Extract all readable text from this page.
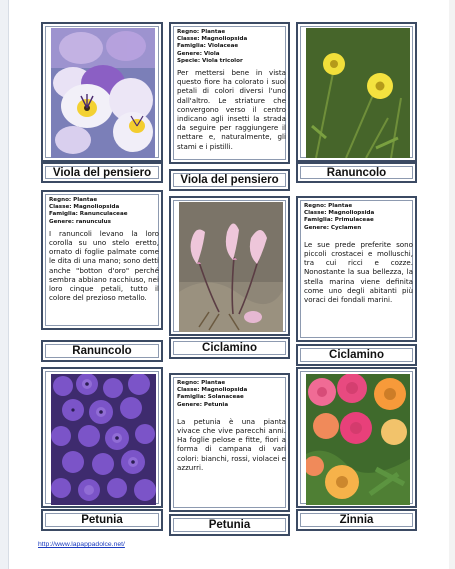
Regno: Plantae
Classe: Magnoliopsida
Famiglia: Violaceae
Genere: Viola
Specie: Viola tricolor
Per mettersi bene in vista questo fiore ha colorato i suoi petali di colori diversi l'uno dall'altro. Le striature che convergono verso il centro indicano agli insetti la strada da seguire per raggiungere il nettare e, naturalmente, gli stami e i pistilli.
Viola del pensiero
Viola del pensiero
Ranuncolo
Regno: Plantae
Classe: Magnoliopsida
Famiglia: Ranunculaceae
Genere: ranunculus
I ranuncoli levano la loro corolla su uno stelo eretto, ornato di foglie palmate come le dita di una mano; sono detti anche "botton d'oro" perché sembra abbiano racchiuso, nei loro cinque petali, tutto il colore del prezioso metallo.
Regno: Plantae
Classe: Magnoliopsida
Famiglia: Primulaceae
Genere: Cyclamen
Le sue prede preferite sono piccoli crostacei e molluschi, tra cui ricci e cozze. Nonostante la sua bellezza, la stella marina viene definita come uno degli abitanti più voraci dei fondali marini.
Ranuncolo	Ciclamino
Ciclamino
Regno: Plantae
Classe: Magnoliopsida
Famiglia: Solanaceae
Genere: Petunia
La petunia è una pianta vivace che vive parecchi anni. Ha foglie pelose e fitte, fiori a forma di campana di vari colori: bianchi, rossi, violacei e azzurri.
Petunia	Petunia	Zinnia
http://www.lapappadolce.net/
